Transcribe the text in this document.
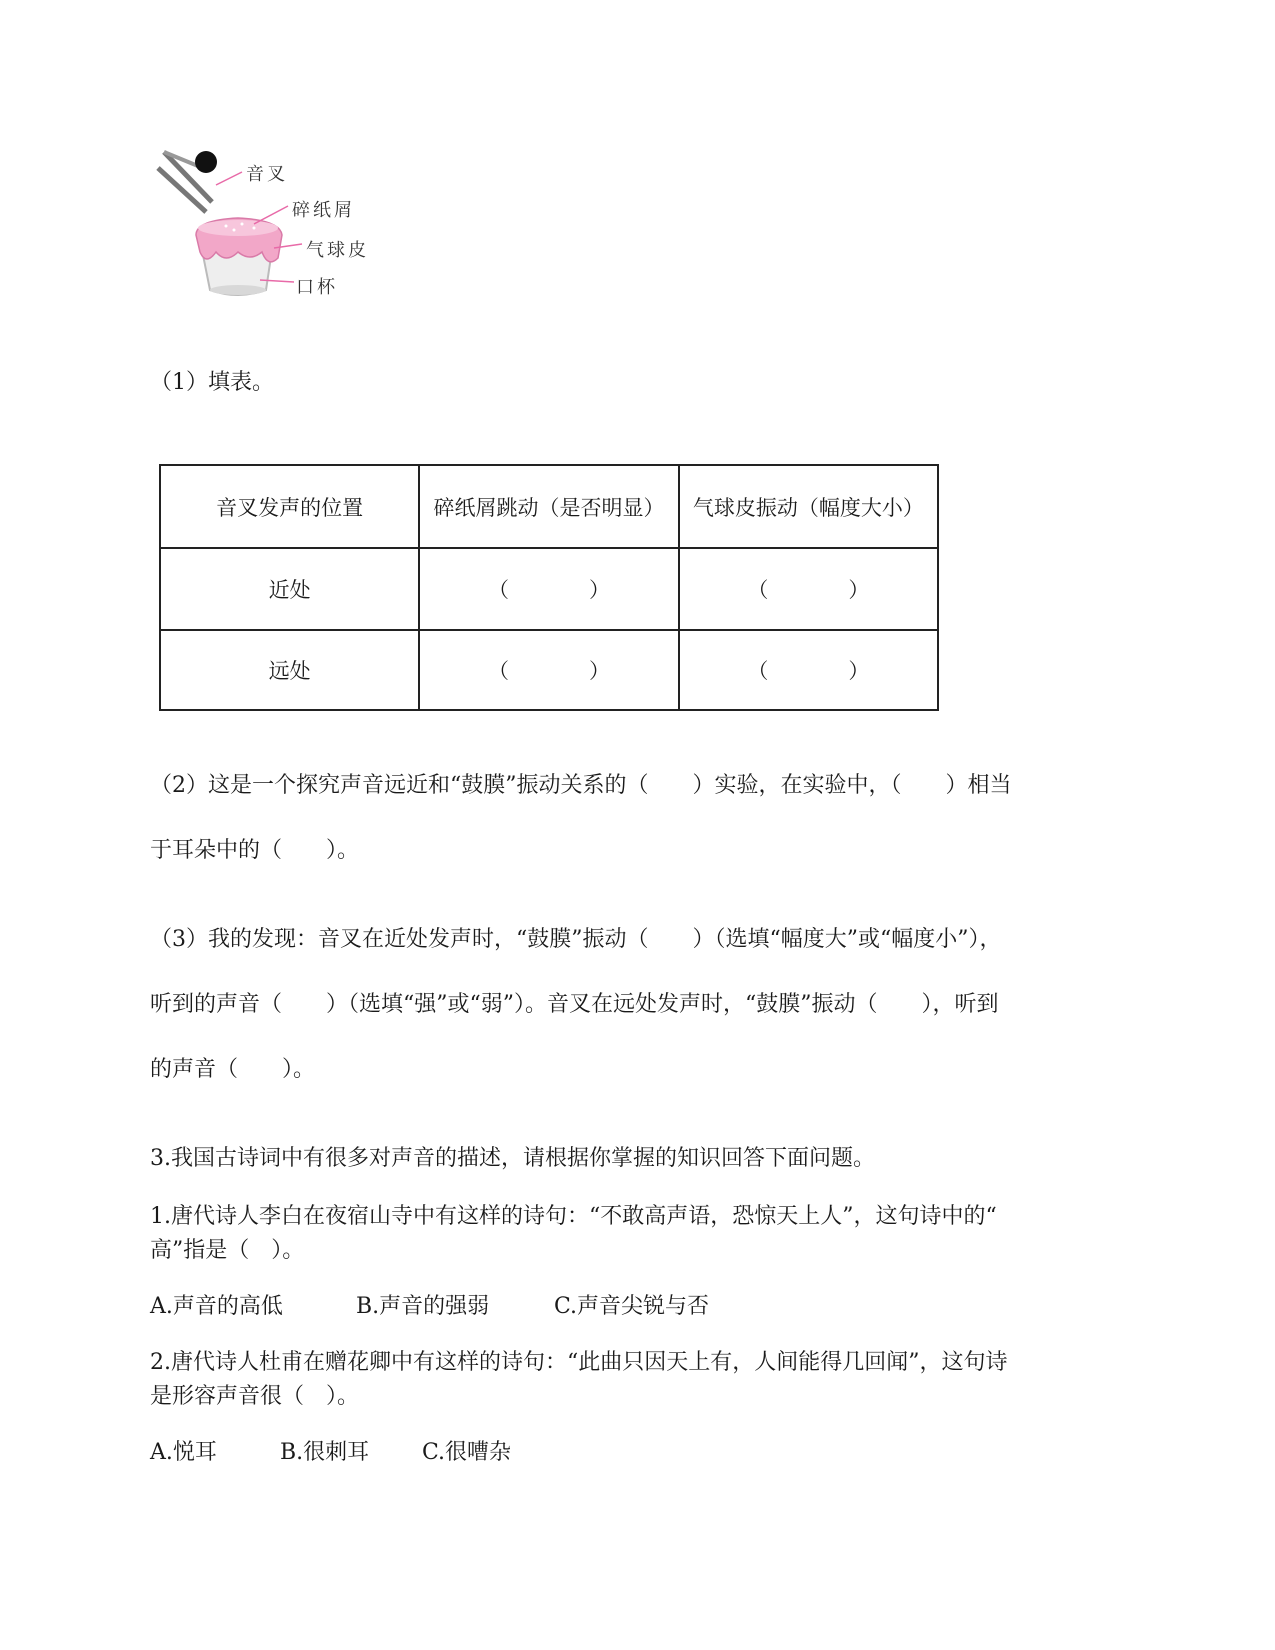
音叉
碎纸屑
气球皮
口杯
（1）填表。
音叉发声的位置	碎纸屑跳动（是否明显）	气球皮振动（幅度大小）
近处	（ ）	（ ）
远处	（ ）	（ ）
（2）这是一个探究声音远近和“鼓膜”振动关系的（　　）实验，在实验中，（　　）相当
于耳朵中的（　　）。
（3）我的发现：音叉在近处发声时，“鼓膜”振动（　　）（选填“幅度大”或“幅度小”），
听到的声音（　　）（选填“强”或“弱”）。音叉在远处发声时，“鼓膜”振动（　　），听到
的声音（　　）。
3.我国古诗词中有很多对声音的描述，请根据你掌握的知识回答下面问题。
1.唐代诗人李白在夜宿山寺中有这样的诗句：“不敢高声语，恐惊天上人”，这句诗中的“
高”指是（　）。
A.声音的高低	B.声音的强弱	C.声音尖锐与否
2.唐代诗人杜甫在赠花卿中有这样的诗句：“此曲只因天上有，人间能得几回闻”，这句诗
是形容声音很（　）。
A.悦耳	B.很刺耳 C.很嘈杂
